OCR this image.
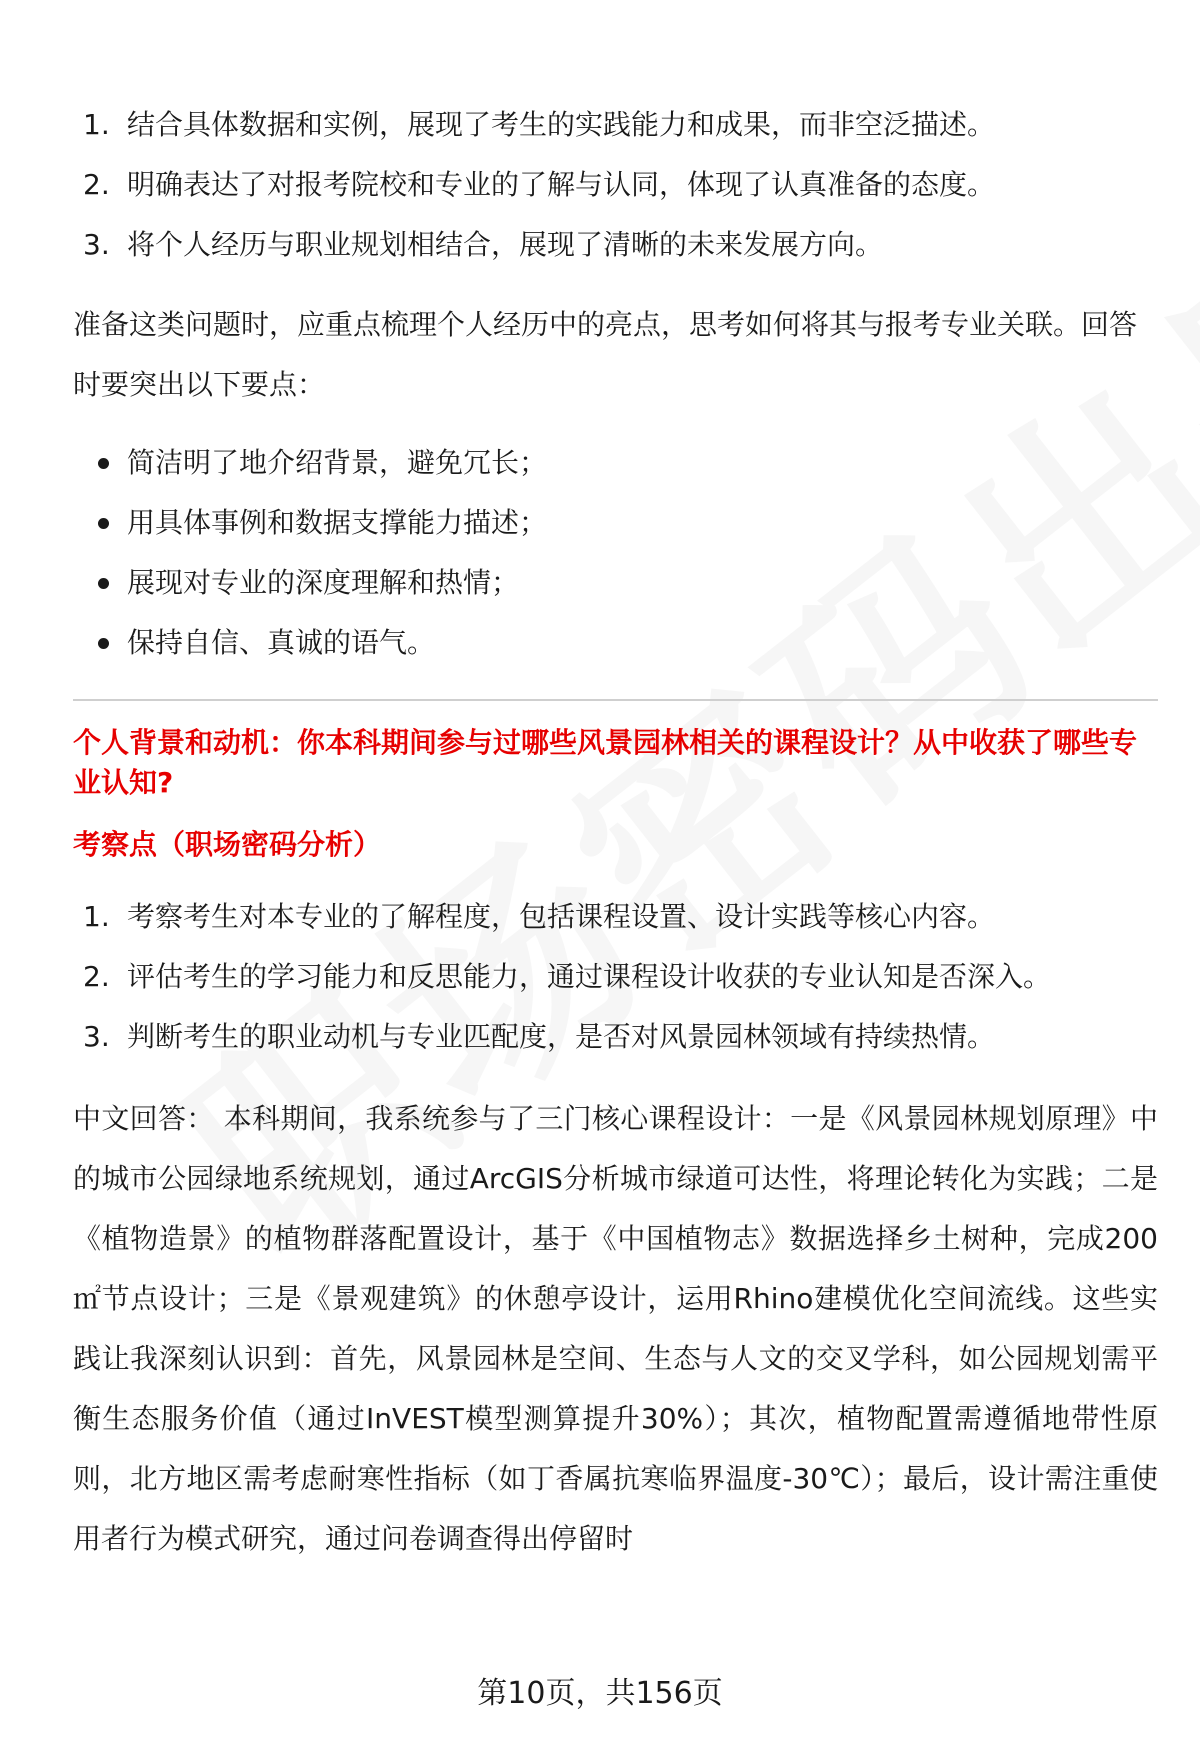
1. 结合具体数据和实例，展现了考生的实践能力和成果，而非空泛描述。
2. 明确表达了对报考院校和专业的了解与认同，体现了认真准备的态度。
3. 将个人经历与职业规划相结合，展现了清晰的未来发展方向。

准备这类问题时，应重点梳理个人经历中的亮点，思考如何将其与报考专业关联。回答时要突出以下要点：

简洁明了地介绍背景，避免冗长；
用具体事例和数据支撑能力描述；
展现对专业的深度理解和热情；
保持自信、真诚的语气。

个人背景和动机：你本科期间参与过哪些风景园林相关的课程设计？从中收获了哪些专业认知?

考察点（职场密码分析）

1. 考察考生对本专业的了解程度，包括课程设置、设计实践等核心内容。
2. 评估考生的学习能力和反思能力，通过课程设计收获的专业认知是否深入。
3. 判断考生的职业动机与专业匹配度，是否对风景园林领域有持续热情。

中文回答： 本科期间，我系统参与了三门核心课程设计：一是《风景园林规划原理》中的城市公园绿地系统规划，通过ArcGIS分析城市绿道可达性，将理论转化为实践；二是《植物造景》的植物群落配置设计，基于《中国植物志》数据选择乡土树种，完成200㎡节点设计；三是《景观建筑》的休憩亭设计，运用Rhino建模优化空间流线。这些实践让我深刻认识到：首先，风景园林是空间、生态与人文的交叉学科，如公园规划需平衡生态服务价值（通过InVEST模型测算提升30%）；其次，植物配置需遵循地带性原则，北方地区需考虑耐寒性指标（如丁香属抗寒临界温度-30℃）；最后，设计需注重使用者行为模式研究，通过问卷调查得出停留时

第10页，共156页
